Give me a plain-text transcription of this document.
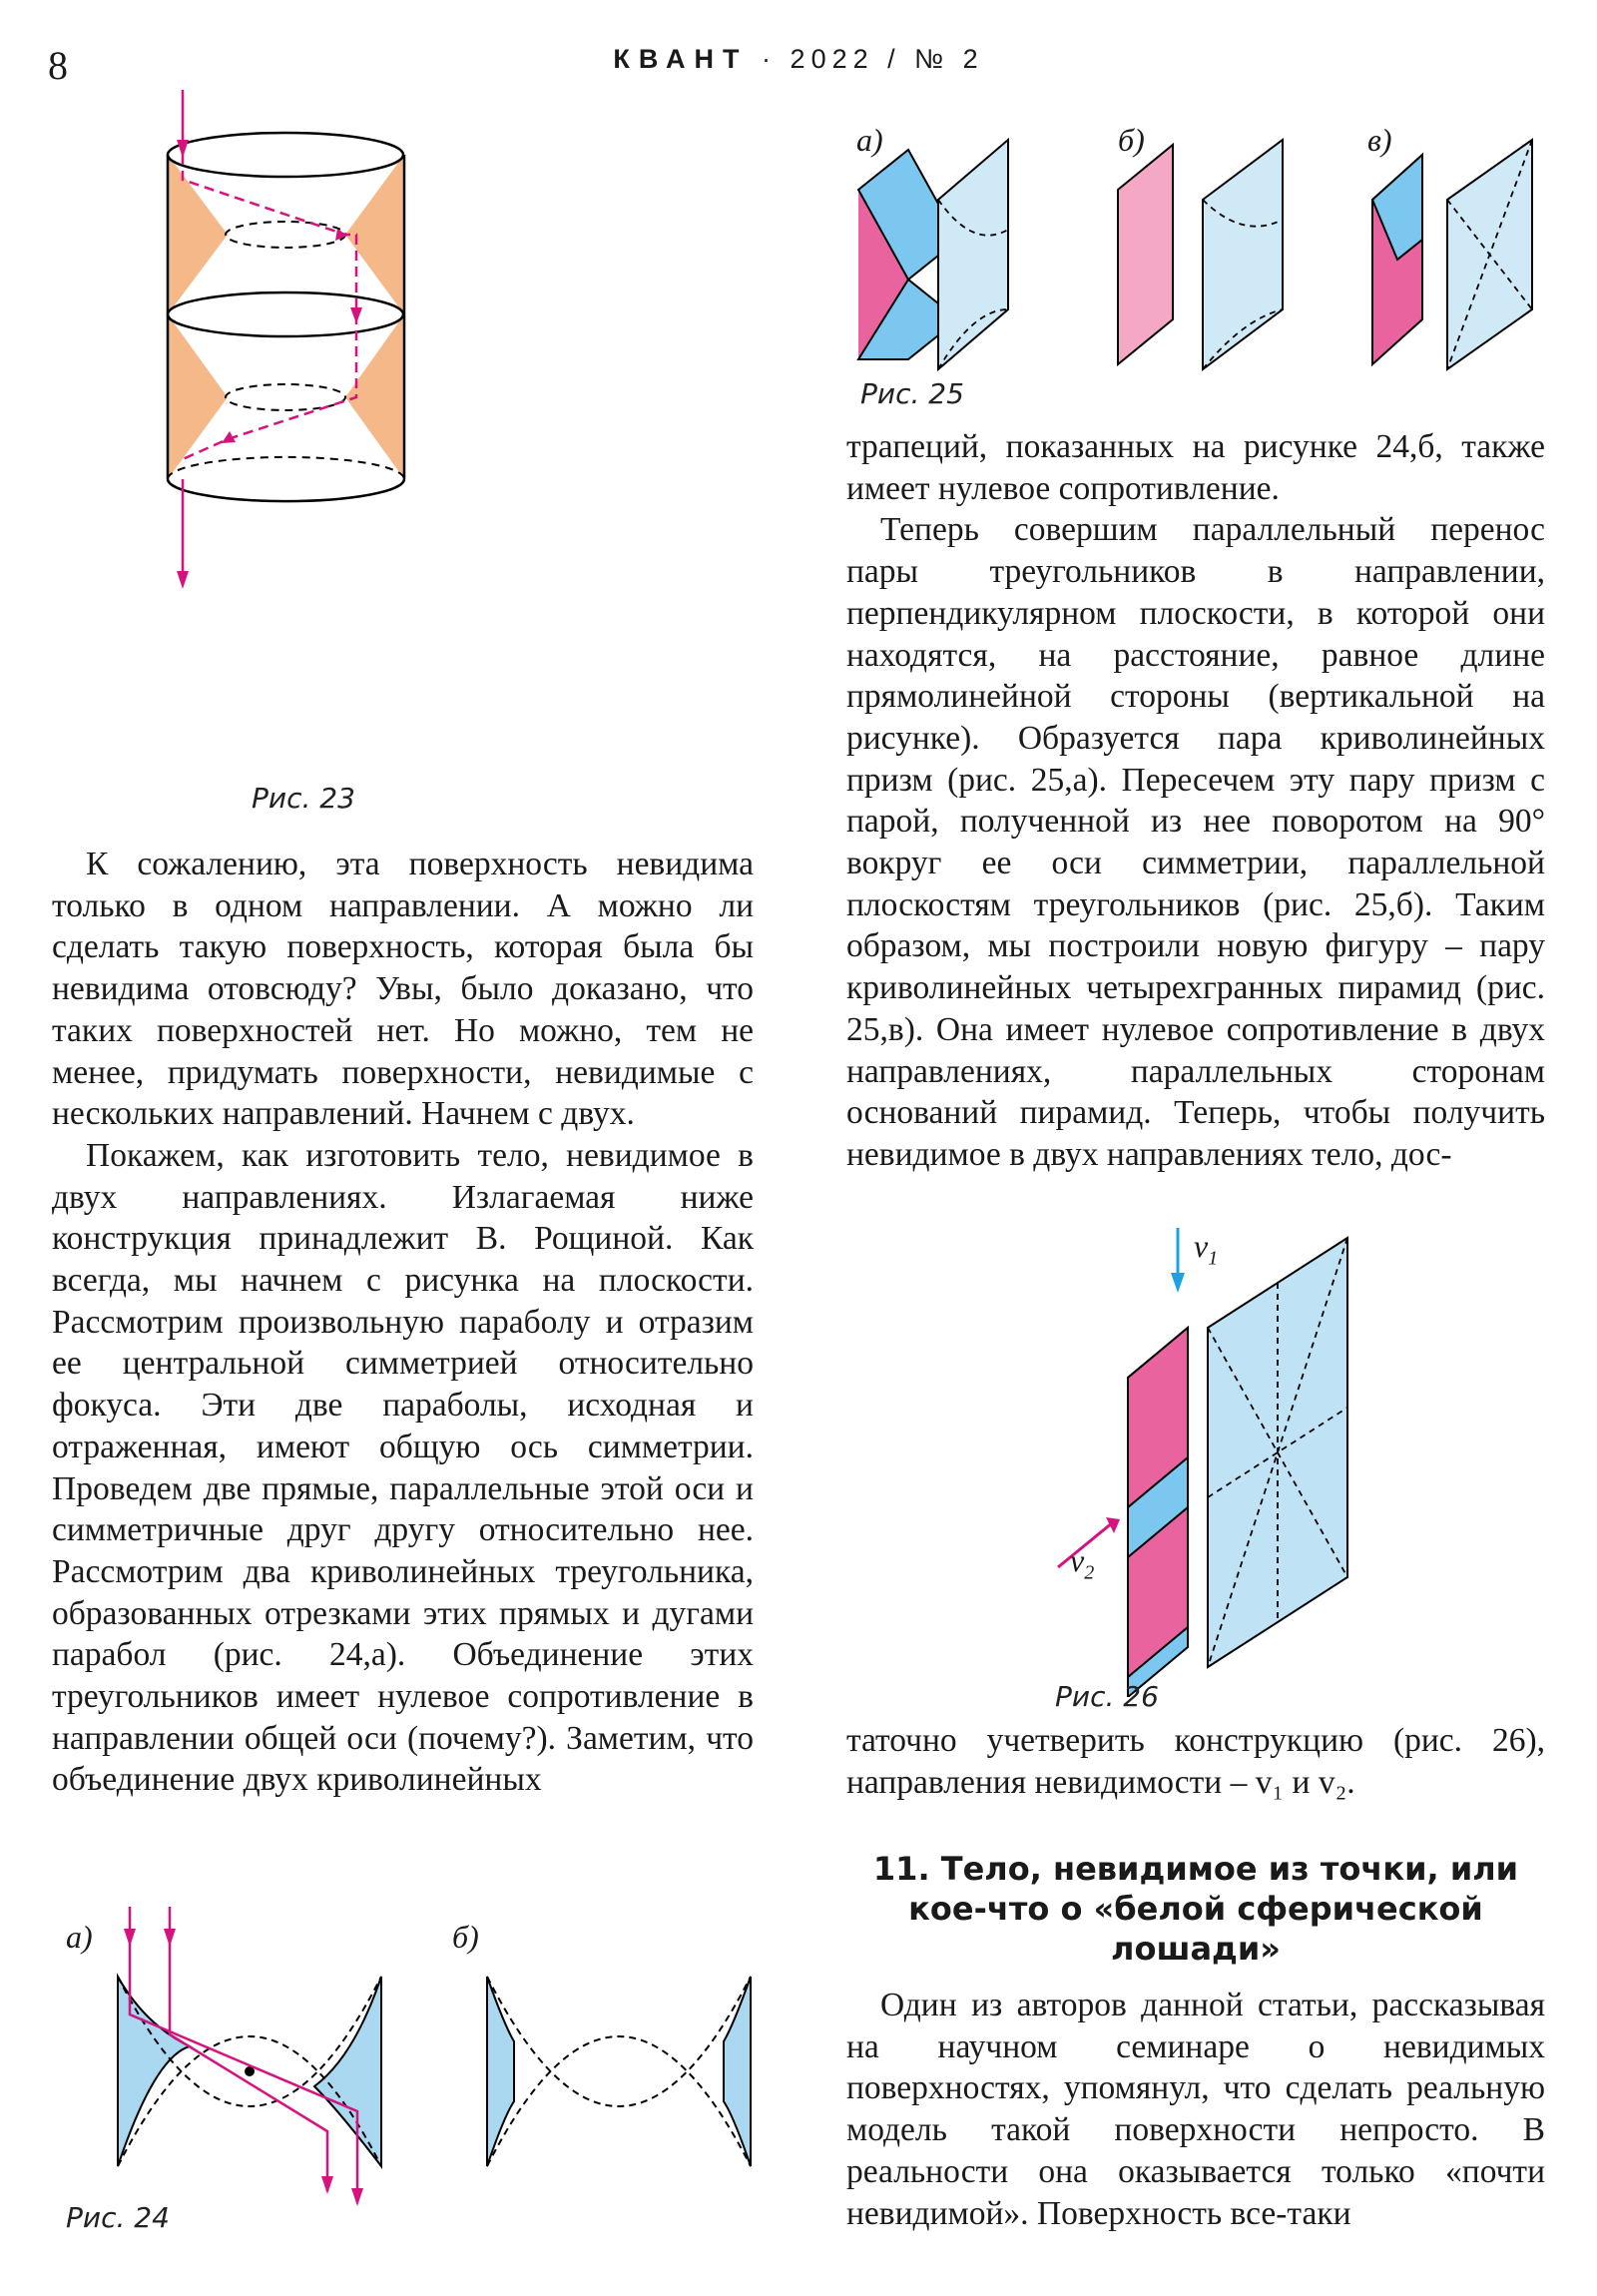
8	КВАНТ · 2022 / № 2
Рис. 23

К сожалению, эта поверхность невидима только в одном направлении. А можно ли сделать такую поверхность, которая была бы невидима отовсюду? Увы, было доказано, что таких поверхностей нет. Но можно, тем не менее, придумать поверхности, невидимые с нескольких направлений. Начнем с двух.

Покажем, как изготовить тело, невидимое в двух направлениях. Излагаемая ниже конструкция принадлежит В. Рощиной. Как всегда, мы начнем с рисунка на плоскости. Рассмотрим произвольную параболу и отразим ее центральной симметрией относительно фокуса. Эти две параболы, исходная и отраженная, имеют общую ось симметрии. Проведем две прямые, параллельные этой оси и симметричные друг другу относительно нее. Рассмотрим два криволинейных треугольника, образованных отрезками этих прямых и дугами парабол (рис. 24,а). Объединение этих треугольников имеет нулевое сопротивление в направлении общей оси (почему?). Заметим, что объединение двух криволинейных

а)	б)
Рис. 24
а)	б)	в)
Рис. 25

трапеций, показанных на рисунке 24,б, также имеет нулевое сопротивление.

Теперь совершим параллельный перенос пары треугольников в направлении, перпендикулярном плоскости, в которой они находятся, на расстояние, равное длине прямолинейной стороны (вертикальной на рисунке). Образуется пара криволинейных призм (рис. 25,а). Пересечем эту пару призм с парой, полученной из нее поворотом на 90° вокруг ее оси симметрии, параллельной плоскостям треугольников (рис. 25,б). Таким образом, мы построили новую фигуру – пару криволинейных четырехгранных пирамид (рис. 25,в). Она имеет нулевое сопротивление в двух направлениях, параллельных сторонам оснований пирамид. Теперь, чтобы получить невидимое в двух направлениях тело, дос-

$v_1$
$v_2$
Рис. 26

таточно учетверить конструкцию (рис. 26), направления невидимости – v₁ и v₂.

11. Тело, невидимое из точки, или кое-что о «белой сферической лошади»

Один из авторов данной статьи, рассказывая на научном семинаре о невидимых поверхностях, упомянул, что сделать реальную модель такой поверхности непросто. В реальности она оказывается только «почти невидимой». Поверхность все-таки
